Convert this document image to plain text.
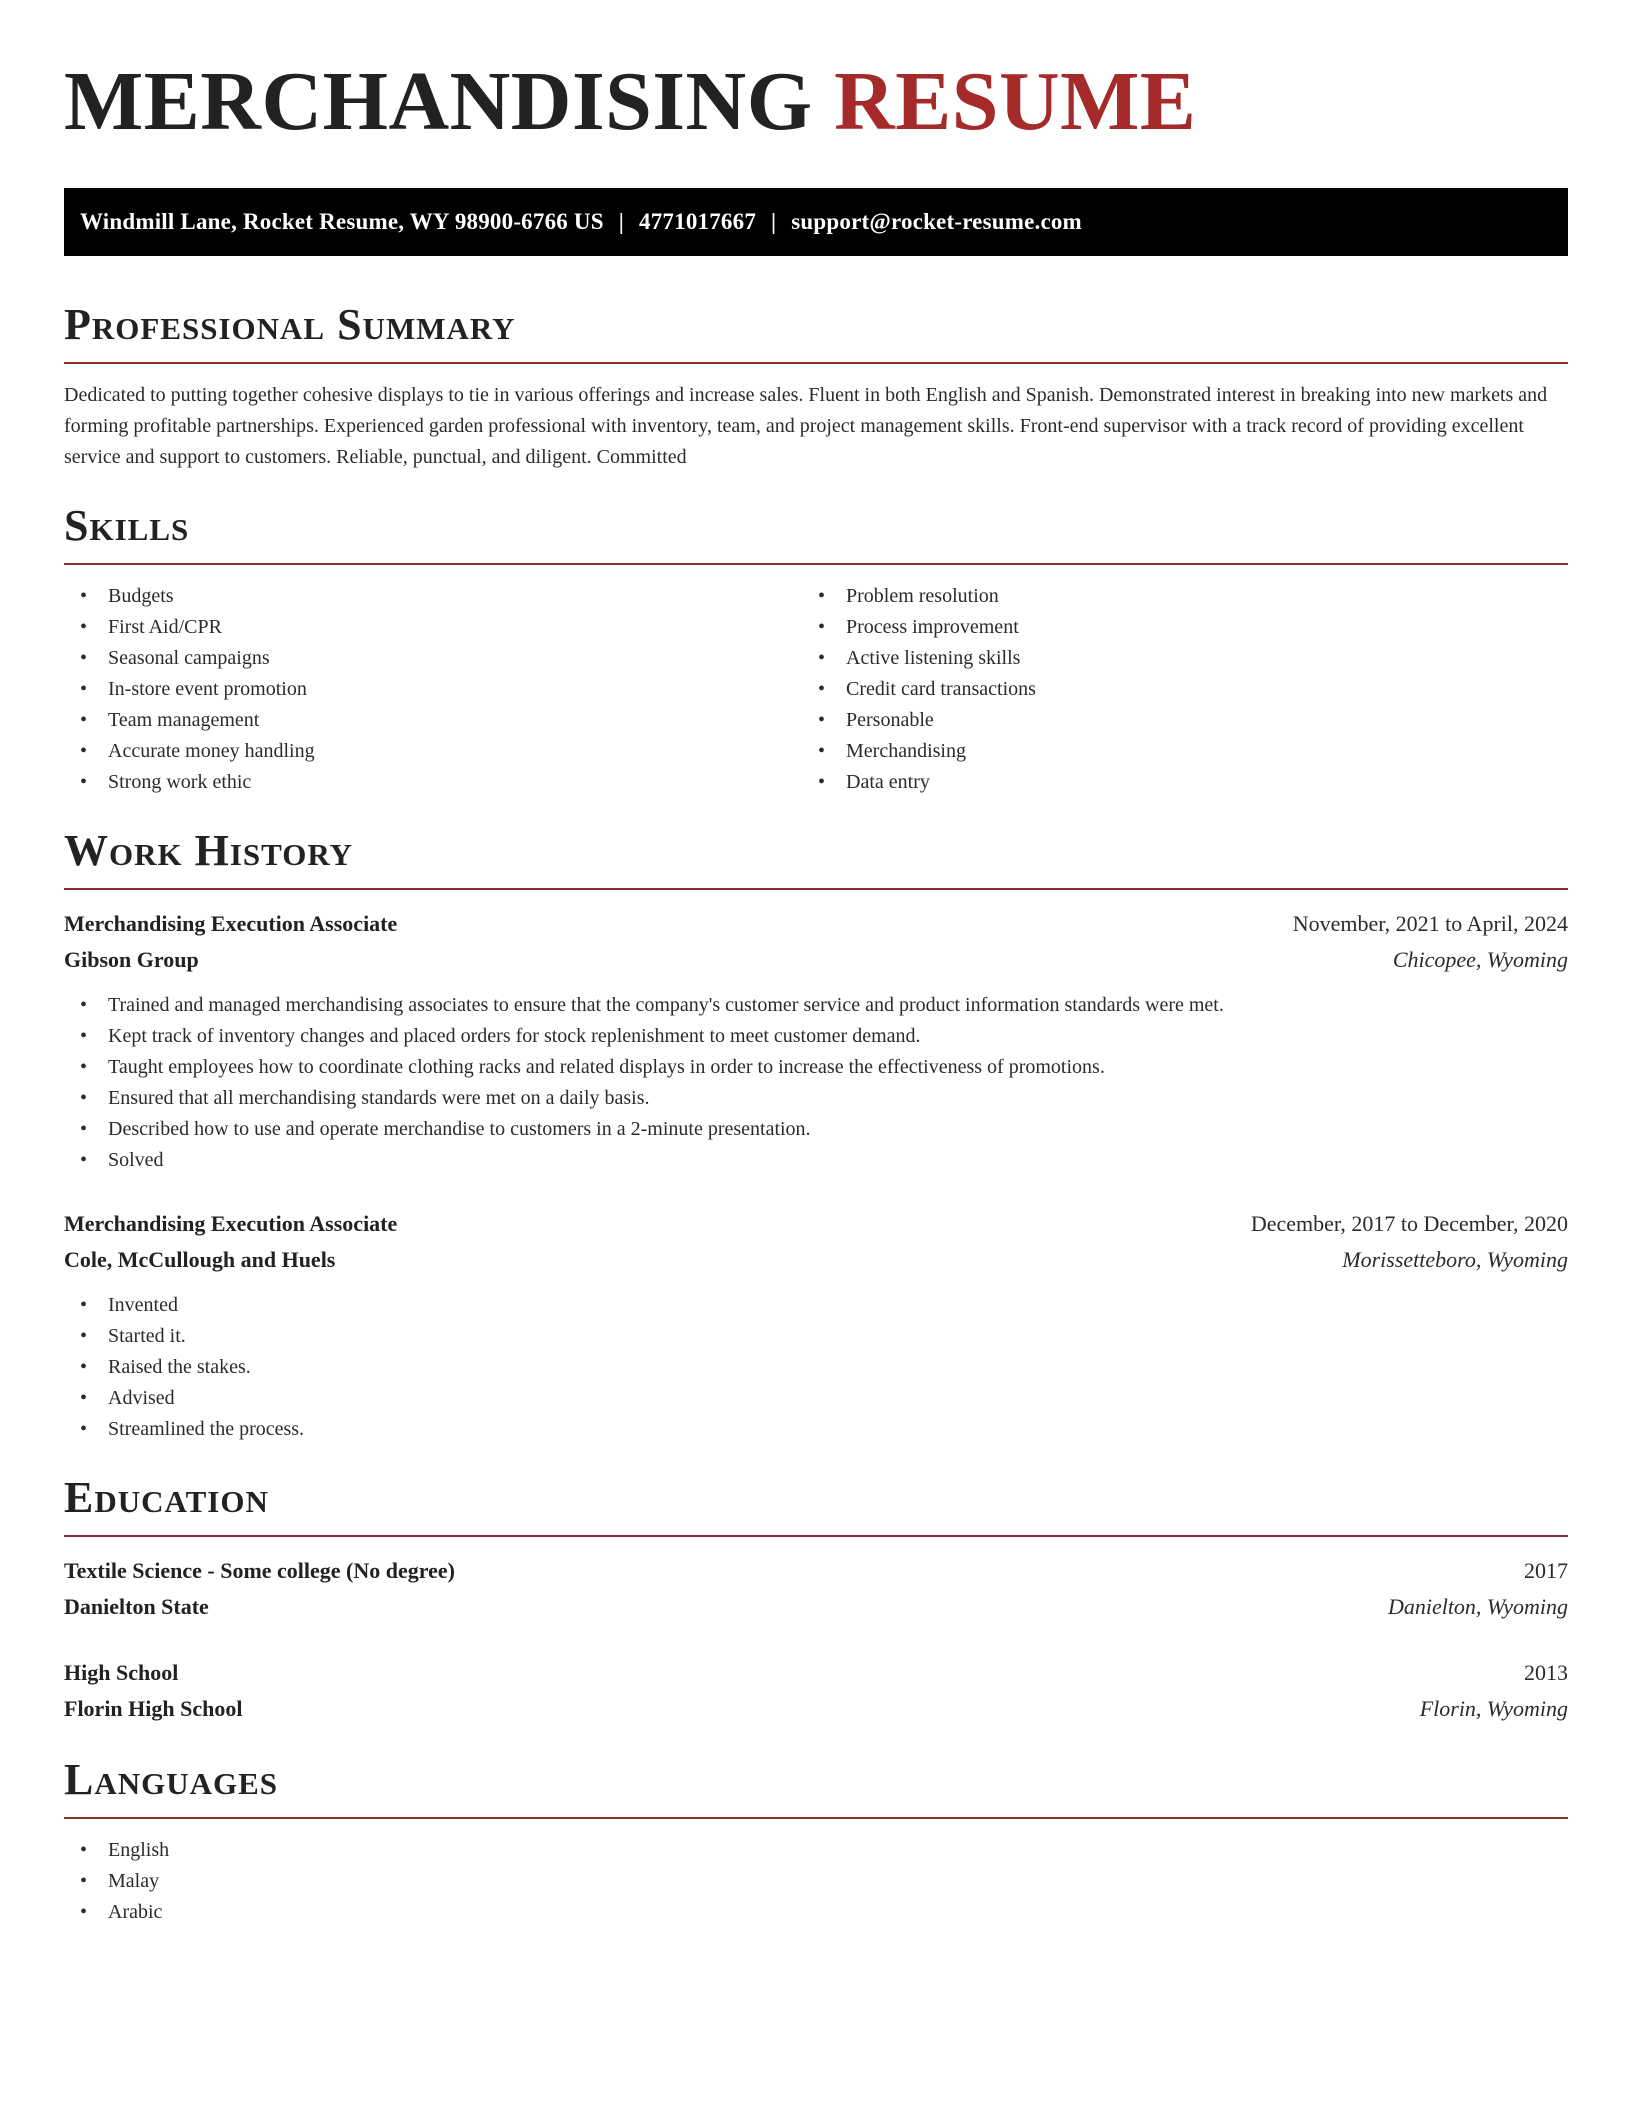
MERCHANDISING RESUME
Windmill Lane, Rocket Resume, WY 98900-6766 US | 4771017667 | support@rocket-resume.com
Professional Summary

Dedicated to putting together cohesive displays to tie in various offerings and increase sales. Fluent in both English and Spanish. Demonstrated interest in breaking into new markets and forming profitable partnerships. Experienced garden professional with inventory, team, and project management skills. Front-end supervisor with a track record of providing excellent service and support to customers. Reliable, punctual, and diligent. Committed

Skills
• Budgets
• First Aid/CPR
• Seasonal campaigns
• In-store event promotion
• Team management
• Accurate money handling
• Strong work ethic
• Problem resolution
• Process improvement
• Active listening skills
• Credit card transactions
• Personable
• Merchandising
• Data entry
Work History
Merchandising Execution Associate	November, 2021 to April, 2024
Gibson Group	Chicopee, Wyoming
• Trained and managed merchandising associates to ensure that the company's customer service and product information standards were met.
• Kept track of inventory changes and placed orders for stock replenishment to meet customer demand.
• Taught employees how to coordinate clothing racks and related displays in order to increase the effectiveness of promotions.
• Ensured that all merchandising standards were met on a daily basis.
• Described how to use and operate merchandise to customers in a 2-minute presentation.
• Solved
Merchandising Execution Associate	December, 2017 to December, 2020
Cole, McCullough and Huels	Morissetteboro, Wyoming
• Invented
• Started it.
• Raised the stakes.
• Advised
• Streamlined the process.
Education
Textile Science - Some college (No degree)	2017
Danielton State	Danielton, Wyoming
High School	2013
Florin High School	Florin, Wyoming
Languages
• English
• Malay
• Arabic
